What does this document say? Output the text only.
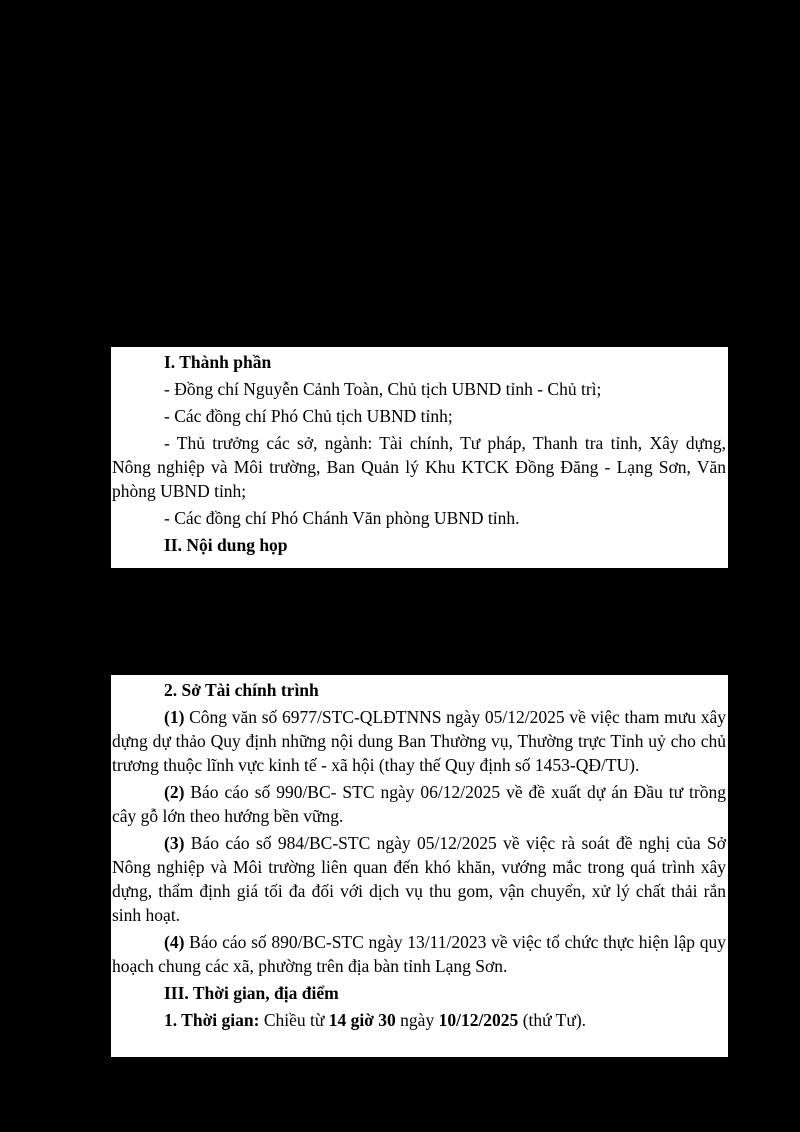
I. Thành phần

- Đồng chí Nguyễn Cảnh Toàn, Chủ tịch UBND tỉnh - Chủ trì;

- Các đồng chí Phó Chủ tịch UBND tỉnh;

- Thủ trưởng các sở, ngành: Tài chính, Tư pháp, Thanh tra tỉnh, Xây dựng, Nông nghiệp và Môi trường, Ban Quản lý Khu KTCK Đồng Đăng - Lạng Sơn, Văn phòng UBND tỉnh;

- Các đồng chí Phó Chánh Văn phòng UBND tỉnh.

II. Nội dung họp

2. Sở Tài chính trình

(1) Công văn số 6977/STC-QLĐTNNS ngày 05/12/2025 về việc tham mưu xây dựng dự thảo Quy định những nội dung Ban Thường vụ, Thường trực Tỉnh uỷ cho chủ trương thuộc lĩnh vực kinh tế - xã hội (thay thế Quy định số 1453-QĐ/TU).

(2) Báo cáo số 990/BC- STC ngày 06/12/2025 về đề xuất dự án Đầu tư trồng cây gỗ lớn theo hướng bền vững.

(3) Báo cáo số 984/BC-STC ngày 05/12/2025 về việc rà soát đề nghị của Sở Nông nghiệp và Môi trường liên quan đến khó khăn, vướng mắc trong quá trình xây dựng, thẩm định giá tối đa đối với dịch vụ thu gom, vận chuyển, xử lý chất thải rắn sinh hoạt.

(4) Báo cáo số 890/BC-STC ngày 13/11/2023 về việc tổ chức thực hiện lập quy hoạch chung các xã, phường trên địa bàn tỉnh Lạng Sơn.

III. Thời gian, địa điểm

1. Thời gian: Chiều từ 14 giờ 30 ngày 10/12/2025 (thứ Tư).
